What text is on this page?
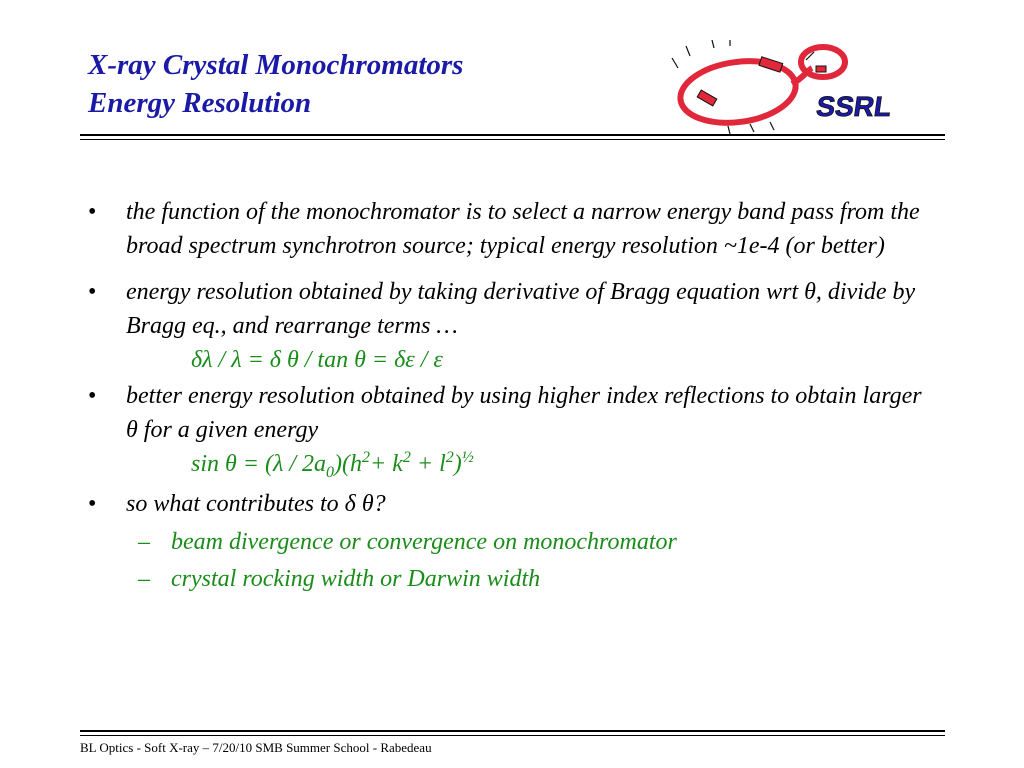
X-ray Crystal Monochromators
Energy Resolution	SSRL
• the function of the monochromator is to select a narrow energy band pass from the broad spectrum synchrotron source; typical energy resolution ~1e-4 (or better)
• energy resolution obtained by taking derivative of Bragg equation wrt θ, divide by Bragg eq., and rearrange terms …
δλ / λ = δ θ / tan θ = δε / ε
• better energy resolution obtained by using higher index reflections to obtain larger θ for a given energy
$\sin \theta = (\lambda / 2a_0)(h^2+ k^2 + l^2)^{\frac{1}{2}}$
• so what contributes to δ θ?
– beam divergence or convergence on monochromator
– crystal rocking width or Darwin width
BL Optics - Soft X-ray – 7/20/10 SMB Summer School - Rabedeau
